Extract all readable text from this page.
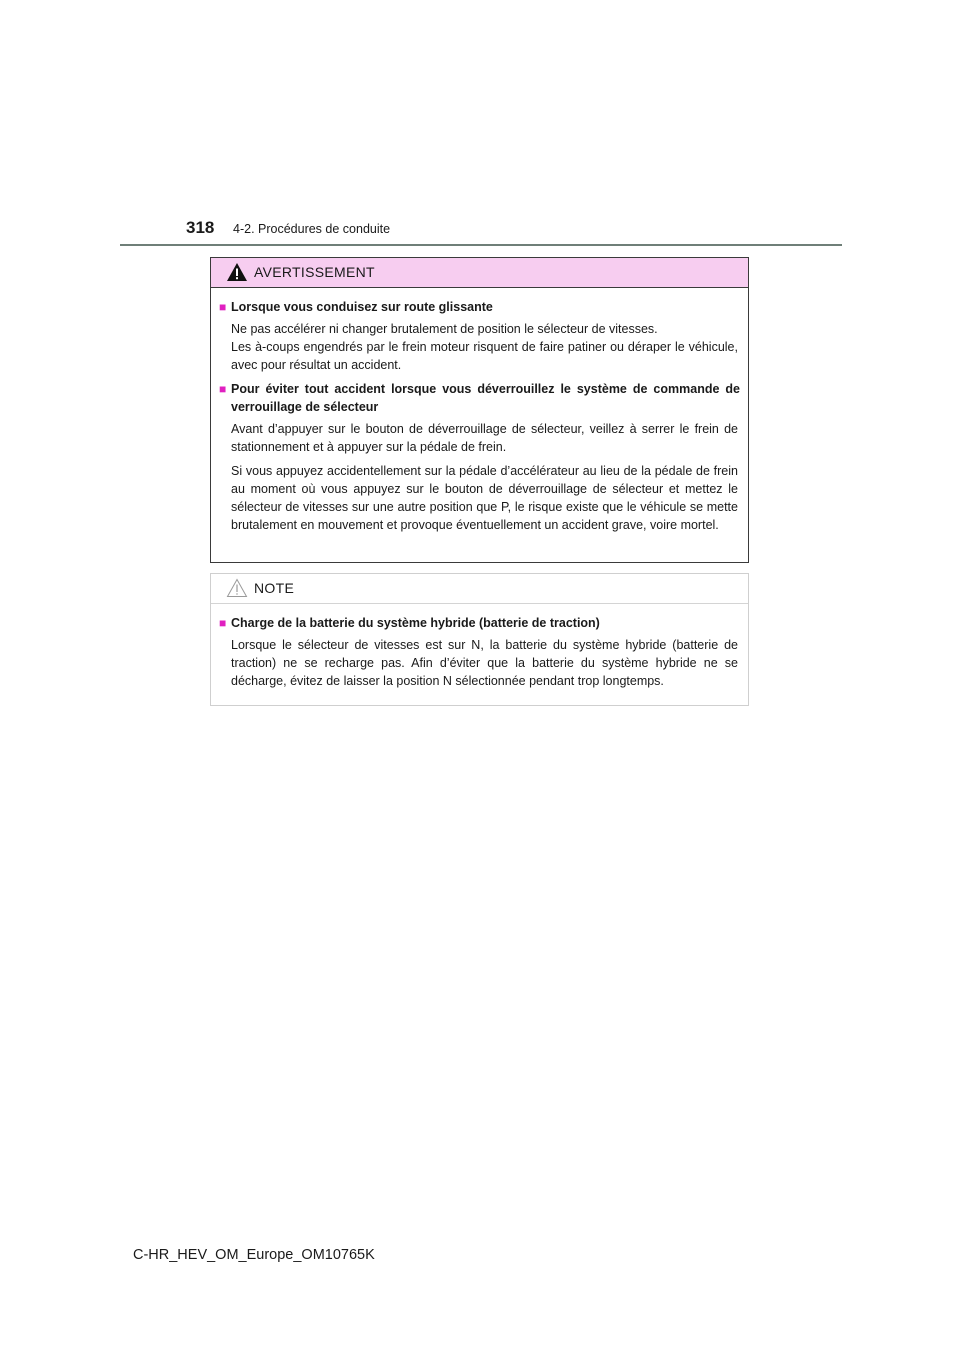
318 4-2. Procédures de conduite
AVERTISSEMENT
■ Lorsque vous conduisez sur route glissante

Ne pas accélérer ni changer brutalement de position le sélecteur de vitesses.

Les à-coups engendrés par le frein moteur risquent de faire patiner ou déraper le véhicule, avec pour résultat un accident.

■ Pour éviter tout accident lorsque vous déverrouillez le système de commande de verrouillage de sélecteur

Avant d’appuyer sur le bouton de déverrouillage de sélecteur, veillez à serrer le frein de stationnement et à appuyer sur la pédale de frein.

Si vous appuyez accidentellement sur la pédale d’accélérateur au lieu de la pédale de frein au moment où vous appuyez sur le bouton de déverrouillage de sélecteur et mettez le sélecteur de vitesses sur une autre position que P, le risque existe que le véhicule se mette brutalement en mouvement et provoque éventuellement un accident grave, voire mortel.

NOTE
■ Charge de la batterie du système hybride (batterie de traction)

Lorsque le sélecteur de vitesses est sur N, la batterie du système hybride (batterie de traction) ne se recharge pas. Afin d’éviter que la batterie du système hybride ne se décharge, évitez de laisser la position N sélectionnée pendant trop longtemps.

C-HR_HEV_OM_Europe_OM10765K
